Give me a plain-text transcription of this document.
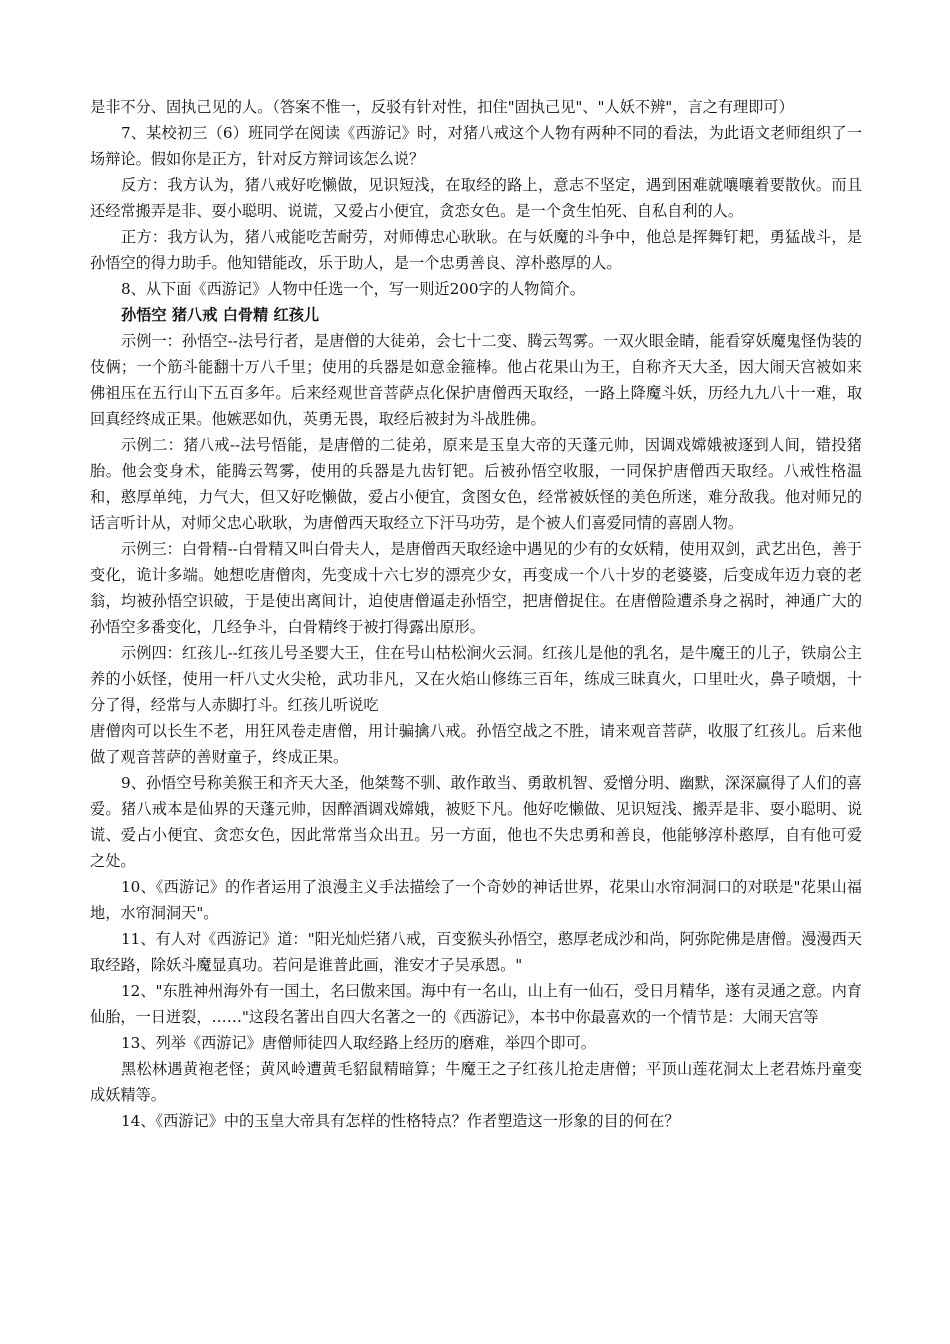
是非不分、固执己见的人。（答案不惟一，反驳有针对性，扣住"固执己见"、"人妖不辨"，言之有理即可）

7、某校初三（6）班同学在阅读《西游记》时，对猪八戒这个人物有两种不同的看法，为此语文老师组织了一场辩论。假如你是正方，针对反方辩词该怎么说？

反方：我方认为，猪八戒好吃懒做，见识短浅，在取经的路上，意志不坚定，遇到困难就嚷嚷着要散伙。而且还经常搬弄是非、耍小聪明、说谎，又爱占小便宜，贪恋女色。是一个贪生怕死、自私自利的人。

正方：我方认为，猪八戒能吃苦耐劳，对师傅忠心耿耿。在与妖魔的斗争中，他总是挥舞钉耙，勇猛战斗，是孙悟空的得力助手。他知错能改，乐于助人，是一个忠勇善良、淳朴憨厚的人。

8、从下面《西游记》人物中任选一个，写一则近200字的人物简介。

孙悟空 猪八戒 白骨精 红孩儿

示例一：孙悟空--法号行者，是唐僧的大徒弟，会七十二变、腾云驾雾。一双火眼金睛，能看穿妖魔鬼怪伪装的伎俩；一个筋斗能翻十万八千里；使用的兵器是如意金箍棒。他占花果山为王，自称齐天大圣，因大闹天宫被如来佛祖压在五行山下五百多年。后来经观世音菩萨点化保护唐僧西天取经，一路上降魔斗妖，历经九九八十一难，取回真经终成正果。他嫉恶如仇，英勇无畏，取经后被封为斗战胜佛。

示例二：猪八戒--法号悟能，是唐僧的二徒弟，原来是玉皇大帝的天蓬元帅，因调戏嫦娥被逐到人间，错投猪胎。他会变身术，能腾云驾雾，使用的兵器是九齿钉钯。后被孙悟空收服，一同保护唐僧西天取经。八戒性格温和，憨厚单纯，力气大，但又好吃懒做，爱占小便宜，贪图女色，经常被妖怪的美色所迷，难分敌我。他对师兄的话言听计从，对师父忠心耿耿，为唐僧西天取经立下汗马功劳，是个被人们喜爱同情的喜剧人物。

示例三：白骨精--白骨精又叫白骨夫人，是唐僧西天取经途中遇见的少有的女妖精，使用双剑，武艺出色，善于变化，诡计多端。她想吃唐僧肉，先变成十六七岁的漂亮少女，再变成一个八十岁的老婆婆，后变成年迈力衰的老翁，均被孙悟空识破，于是使出离间计，迫使唐僧逼走孙悟空，把唐僧捉住。在唐僧险遭杀身之祸时，神通广大的孙悟空多番变化，几经争斗，白骨精终于被打得露出原形。

示例四：红孩儿--红孩儿号圣婴大王，住在号山枯松涧火云洞。红孩儿是他的乳名，是牛魔王的儿子，铁扇公主养的小妖怪，使用一杆八丈火尖枪，武功非凡，又在火焰山修练三百年，练成三昧真火，口里吐火，鼻子喷烟，十分了得，经常与人赤脚打斗。红孩儿听说吃

唐僧肉可以长生不老，用狂风卷走唐僧，用计骗擒八戒。孙悟空战之不胜，请来观音菩萨，收服了红孩儿。后来他做了观音菩萨的善财童子，终成正果。

9、孙悟空号称美猴王和齐天大圣，他桀骜不驯、敢作敢当、勇敢机智、爱憎分明、幽默，深深赢得了人们的喜爱。猪八戒本是仙界的天蓬元帅，因醉酒调戏嫦娥，被贬下凡。他好吃懒做、见识短浅、搬弄是非、耍小聪明、说谎、爱占小便宜、贪恋女色，因此常常当众出丑。另一方面，他也不失忠勇和善良，他能够淳朴憨厚，自有他可爱之处。

10、《西游记》的作者运用了浪漫主义手法描绘了一个奇妙的神话世界，花果山水帘洞洞口的对联是"花果山福地，水帘洞洞天"。

11、有人对《西游记》道："阳光灿烂猪八戒，百变猴头孙悟空，憨厚老成沙和尚，阿弥陀佛是唐僧。漫漫西天取经路，除妖斗魔显真功。若问是谁普此画，淮安才子吴承恩。"

12、"东胜神州海外有一国土，名曰傲来国。海中有一名山，山上有一仙石，受日月精华，遂有灵通之意。内育仙胎，一日迸裂，……"这段名著出自四大名著之一的《西游记》，本书中你最喜欢的一个情节是：大闹天宫等

13、列举《西游记》唐僧师徒四人取经路上经历的磨难，举四个即可。

黑松林遇黄袍老怪；黄风岭遭黄毛貂鼠精暗算；牛魔王之子红孩儿抢走唐僧；平顶山莲花洞太上老君炼丹童变成妖精等。

14、《西游记》中的玉皇大帝具有怎样的性格特点？作者塑造这一形象的目的何在？
